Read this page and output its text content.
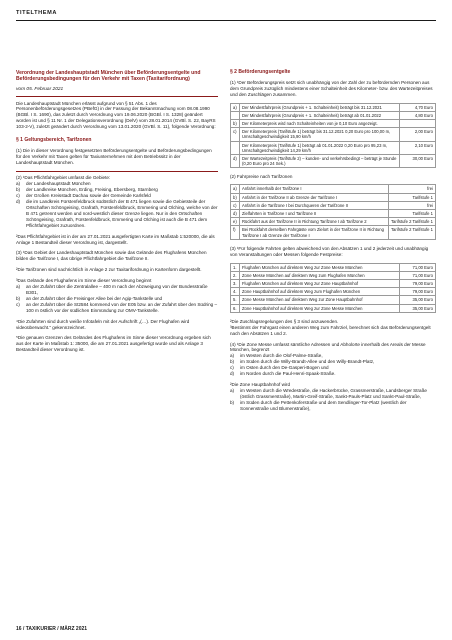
TITELTHEMA
Verordnung der Landeshauptstadt München über Beförderungsentgelte und Beförderungsbedingungen für den Verkehr mit Taxen (Taxitarifordnung)
vom 05. Februar 2021

Die Landeshauptstadt München erlässt aufgrund von § 51 Abs. 1 des Personenbeförderungsgesetzes (PBefG) in der Fassung der Bekanntmachung vom 08.08.1990 (BGBl. I S. 1690), das zuletzt durch Verordnung vom 19.06.2020 (BGBl. I S. 1328) geändert worden ist und § 11 Nr. 1 der Delegationsverordnung (DelV) vom 28.01.2014 (GVBl. S. 22, BayRS 103-2-V), zuletzt geändert durch Verordnung vom 13.01.2020 (GVBl. S. 11), folgende Verordnung:

§ 1 Geltungsbereich, Tarifzonen

(1) Die in dieser Verordnung festgesetzten Beförderungsentgelte und Beförderungsbedingungen für den Verkehr mit Taxen gelten für Taxiunternehmen mit dem Betriebssitz in der Landeshauptstadt München.

(2) ¹Das Pflichtfahrgebiet umfasst die Gebiete:
a)	der Landeshauptstadt München
b)	der Landkreise München, Erding, Freising, Ebersberg, Starnberg
c)	der Großen Kreisstadt Dachau sowie der Gemeinde Karlsfeld
d)	die im Landkreis Fürstenfeldbruck südöstlich der B 471 liegen sowie die Gebietsteile der Ortschaften Schöngeising, Grafrath, Fürstenfeldbruck, Emmering und Olching, welche von der B 471 getrennt werden und nord-westlich dieser Grenze liegen. Nur in den Ortschaften Schöngeising, Grafrath, Fürstenfeldbruck, Emmering und Olching ist auch die B 471 dem Pflichtfahrgebiet zuzuordnen.

²Das Pflichtfahrgebiet ist in der am 27.01.2021 ausgefertigten Karte im Maßstab 1:520000, die als Anlage 1 Bestandteil dieser Verordnung ist, dargestellt.

(3) ¹Das Gebiet der Landeshauptstadt München sowie das Gelände des Flughafens München bilden die Tarifzone I, das übrige Pflichtfahrgebiet die Tarifzone II.

²Die Tarifzonen sind nachrichtlich in Anlage 2 zur Taxitarifordnung in Kartenform dargestellt.

³Das Gelände des Flughafens im Sinne dieser Verordnung beginnt
a)	an der Zufahrt über die Zentralallee – 400 m nach der Abzweigung von der Bundesstraße B301,
b)	an der Zufahrt über die Freisinger Allee bei der Agip-Tankstelle und
c)	an der Zufahrt über die St2584 kommend von der E05 bzw. an der Zufahrt über den Südring – 100 m östlich vor der südlichen Einmündung zur OMV-Tankstelle.

⁴Die Zufahrten sind durch weiße Infotafeln mit der Aufschrift „(…). Der Flughafen wird videoüberwacht.“ gekennzeichnet.

⁵Die genauen Grenzen des Geländes des Flughafens im Sinne dieser Verordnung ergeben sich aus der Karte im Maßstab 1: 35000, die am 27.01.2021 ausgefertigt wurde und als Anlage 3 Bestandteil dieser Verordnung ist.

§ 2 Beförderungsentgelte

(1) ¹Der Beförderungspreis setzt sich unabhängig von der Zahl der zu befördernden Personen aus dem Grundpreis zuzüglich mindestens einer Schalteinheit des Kilometer- bzw. des Wartezeitpreises und den Zuschlägen zusammen.

a)	Der Mindestfahrpreis (Grundpreis + 1. Schalteinheit) beträgt bis 31.12.2021	4,70 Euro
	Der Mindestfahrpreis (Grundpreis + 1. Schalteinheit) beträgt ab 01.01.2022	4,80 Euro
b)	Der Kilometerpreis wird nach Schalteinheiten von je 0,10 Euro angezeigt.	
c)	Der Kilometerpreis (Tarifstufe 1) beträgt bis 31.12.2021 0,20 Euro pro 100,00 m, Umschaltgeschwindigkeit 15,90 km/h	2,00 Euro
	Der Kilometerpreis (Tarifstufe 1) beträgt ab 01.01.2022 0,20 Euro pro 95,23 m, Umschaltgeschwindigkeit 14,29 km/h	2,10 Euro
d)	Der Wartezeitpreis (Tarifstufe 2) – kunden- und verkehrsbedingt – beträgt je Stunde (0,20 Euro pro 24 Sek.)	30,00 Euro
(2) Fahrpreise nach Tarifzonen
a)	Anfahrt innerhalb der Tarifzone I	frei
b)	Anfahrt in der Tarifzone II ab Grenze der Tarifzone I	Tarifstufe 1
c)	Anfahrt in die Tarifzone I bei Durchqueren der Tarifzone II	frei
d)	Zielfahrten in Tarifzone I und Tarifzone II	Tarifstufe 1
e)	Rückfahrt aus der Tarifzone II in Richtung Tarifzone I ab Tarifzone 2	Tarifstufe 2 Tarifstufe 1
f)	Bei Rückfahrt derselben Fahrgäste vom Zielort in der Tarifzone II in Richtung Tarifzone I ab Grenze der Tarifzone I	Tarifstufe 2 Tarifstufe 1

(3) ¹Für folgende Fahrten gelten abweichend von den Absätzen 1 und 2 jederzeit und unabhängig von Veranstaltungen oder Messen folgende Festpreise:

1.	Flughafen München auf direktem Weg zur Zone Messe München	71,00 Euro
2.	Zone Messe München auf direktem Weg zum Flughafen München	71,00 Euro
3.	Flughafen München auf direktem Weg zur Zone Hauptbahnhof	79,00 Euro
4.	Zone Hauptbahnhof auf direktem Weg zum Flughafen München	79,00 Euro
5.	Zone Messe München auf direktem Weg zur Zone Hauptbahnhof	35,00 Euro
6.	Zone Hauptbahnhof auf direktem Weg zur Zone Messe München	35,00 Euro
²Die Zuschlagsregelungen des § 3 sind anzuwenden.

³Bestimmt der Fahrgast einen anderen Weg zum Fahrziel, berechnet sich das Beförderungsentgelt nach den Absätzen 1 und 2.

(4) ¹Die Zone Messe umfasst sämtliche Adressen und Abholorte innerhalb des Areals der Messe München, begrenzt
a)	im Westen durch die Olof-Palme-Straße,
b)	im Süden durch die Willy-Brandt-Allee und den Willy-Brandt-Platz,
c)	im Osten durch den De-Gasperi-Bogen und
d)	im Norden durch die Paul-Henri-Spaak-Straße.
²Die Zone Hauptbahnhof wird
a)	im Westen durch die Wredestraße, die Hackerbrücke, Grassmerstraße, Landsberger Straße (östlich Grassmerstraße), Martin-Greif-Straße, Sankt-Pauls-Platz und Sankt-Paul-Straße,
b)	im Süden durch die Pettenkoferstraße und dem Sendlinger-Tor-Platz (westlich der Sonnenstraße und Blumenstraße),
16 / TAXIKURIER / MÄRZ 2021
